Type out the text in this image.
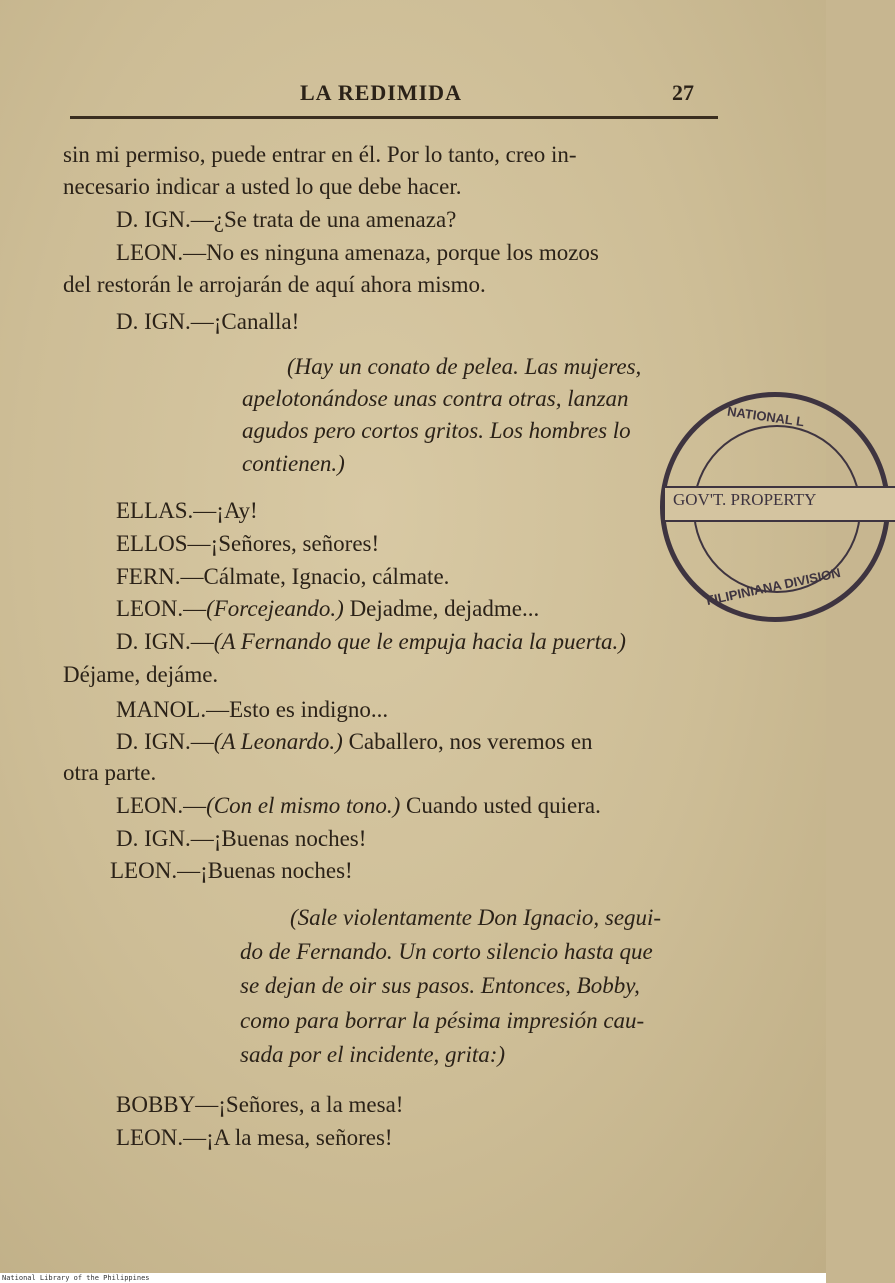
LA REDIMIDA	27
sin mi permiso, puede entrar en él. Por lo tanto, creo in-
necesario indicar a usted lo que debe hacer.
D. IGN.—¿Se trata de una amenaza?
LEON.—No es ninguna amenaza, porque los mozos
del restorán le arrojarán de aquí ahora mismo.
D. IGN.—¡Canalla!
(Hay un conato de pelea. Las mujeres,
apelotonándose unas contra otras, lanzan
agudos pero cortos gritos. Los hombres lo
contienen.)
ELLAS.—¡Ay!
ELLOS—¡Señores, señores!
FERN.—Cálmate, Ignacio, cálmate.
LEON.—(Forcejeando.) Dejadme, dejadme...
D. IGN.—(A Fernando que le empuja hacia la puerta.)
Déjame, dejáme.
MANOL.—Esto es indigno...
D. IGN.—(A Leonardo.) Caballero, nos veremos en
otra parte.
LEON.—(Con el mismo tono.) Cuando usted quiera.
D. IGN.—¡Buenas noches!
LEON.—¡Buenas noches!
(Sale violentamente Don Ignacio, segui-
do de Fernando. Un corto silencio hasta que
se dejan de oir sus pasos. Entonces, Bobby,
como para borrar la pésima impresión cau-
sada por el incidente, grita:)
BOBBY—¡Señores, a la mesa!
LEON.—¡A la mesa, señores!
NATIONAL L
GOV'T. PROPERTY
FILIPINIANA DIVISION
National Library of the Philippines
